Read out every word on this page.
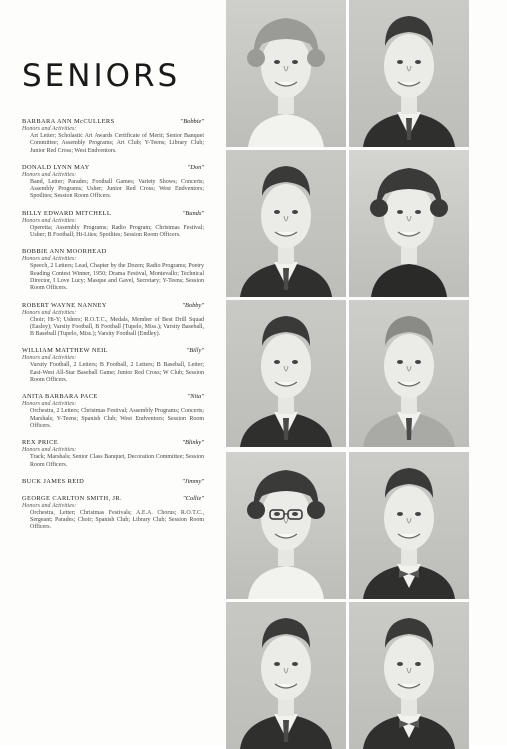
SENIORS
BARBARA ANN McCULLERS	"Bobbie"
Honors and Activities:
Art Letter; Scholastic Art Awards Certificate of Merit; Senior Banquet Committee; Assembly Programs; Art Club; Y-Teens; Library Club; Junior Red Cross; West Endventors.
DONALD LYNN MAY	"Don"
Honors and Activities:
Band, Letter; Parades; Football Games; Variety Shows; Concerts; Assembly Programs; Usher; Junior Red Cross; West Endventors; Spotlites; Session Room Officers.
BILLY EDWARD MITCHELL	"Bunds"
Honors and Activities:
Operetta; Assembly Programs; Radio Program; Christmas Festival; Usher; B Football; Hi-Lites; Spotlites; Session Room Officers.
BOBBIE ANN MOORHEAD
Honors and Activities:
Speech, 2 Letters; Lead, Chapter by the Dozen; Radio Programs; Poetry Reading Contest Winner, 1950; Drama Festival, Montevallo; Technical Director, I Love Lucy; Masque and Gavel, Secretary; Y-Teens; Session Room Officers.
ROBERT WAYNE NANNEY	"Bobby"
Honors and Activities:
Choir; Hi-Y; Ushers; R.O.T.C., Medals, Member of Best Drill Squad (Easley); Varsity Football, B Football (Tupelo, Miss.); Varsity Baseball, B Baseball (Tupelo, Miss.); Varsity Football (Endley).
WILLIAM MATTHEW NEIL	"Billy"
Honors and Activities:
Varsity Football, 2 Letters; B Football, 2 Letters; B Baseball, Letter; East-West All-Star Baseball Game; Junior Red Cross; W Club; Session Room Officers.
ANITA BARBARA PACE	"Nita"
Honors and Activities:
Orchestra, 2 Letters; Christmas Festival; Assembly Programs; Concerts; Marshals; Y-Teens; Spanish Club; West Endventors; Session Room Officers.
REX PRICE	"Blinky"
Honors and Activities:
Track; Marshals; Senior Class Banquet, Decoration Committee; Session Room Officers.
BUCK JAMES REID	"Jimmy"
GEORGE CARLTON SMITH, JR.	"Collie"
Honors and Activities:
Orchestra, Letter; Christmas Festivals; A.E.A. Chorus; R.O.T.C., Sergeant; Parades; Choir; Spanish Club; Library Club; Session Room Officers.
